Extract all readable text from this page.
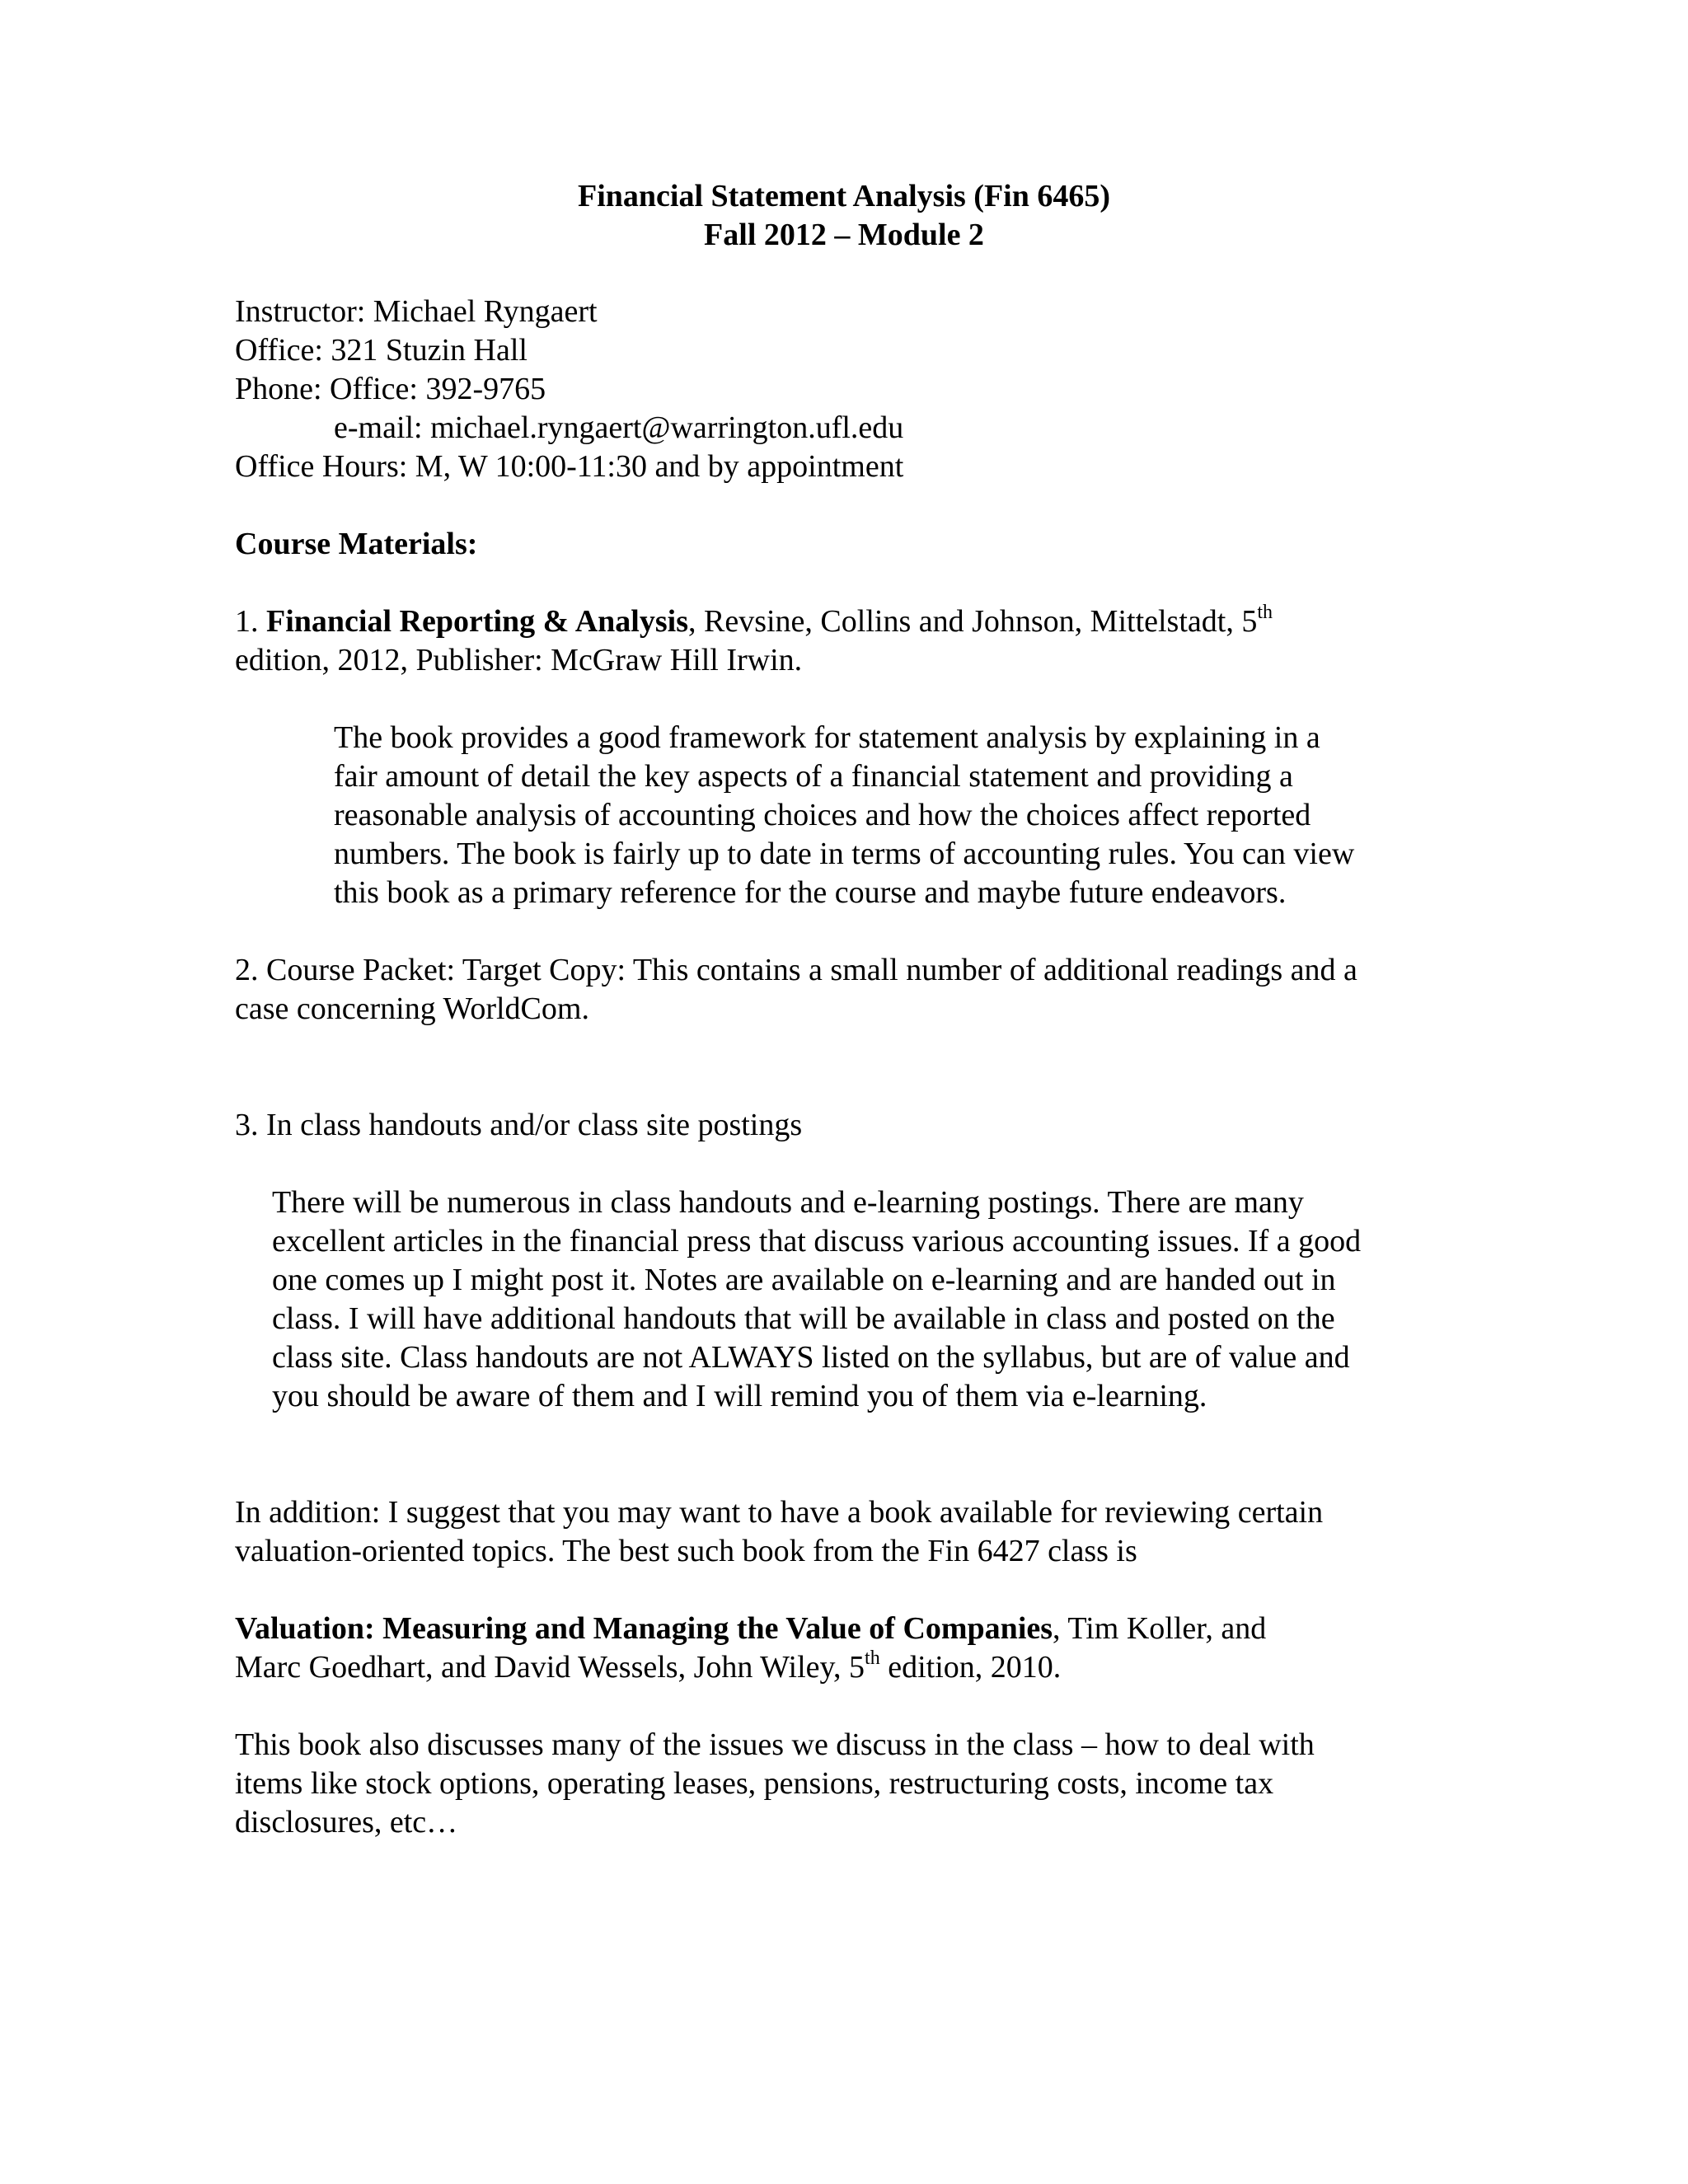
Financial Statement Analysis (Fin 6465)
Fall 2012 – Module 2
Instructor: Michael Ryngaert
Office: 321 Stuzin Hall
Phone: Office: 392-9765
e-mail: michael.ryngaert@warrington.ufl.edu
Office Hours: M, W 10:00-11:30 and by appointment
Course Materials:
1. Financial Reporting & Analysis, Revsine, Collins and Johnson, Mittelstadt, 5th
edition, 2012, Publisher: McGraw Hill Irwin.
The book provides a good framework for statement analysis by explaining in a
fair amount of detail the key aspects of a financial statement and providing a
reasonable analysis of accounting choices and how the choices affect reported
numbers. The book is fairly up to date in terms of accounting rules. You can view
this book as a primary reference for the course and maybe future endeavors.
2. Course Packet: Target Copy: This contains a small number of additional readings and a
case concerning WorldCom.
3. In class handouts and/or class site postings
There will be numerous in class handouts and e-learning postings. There are many
excellent articles in the financial press that discuss various accounting issues. If a good
one comes up I might post it. Notes are available on e-learning and are handed out in
class. I will have additional handouts that will be available in class and posted on the
class site. Class handouts are not ALWAYS listed on the syllabus, but are of value and
you should be aware of them and I will remind you of them via e-learning.
In addition: I suggest that you may want to have a book available for reviewing certain
valuation-oriented topics. The best such book from the Fin 6427 class is
Valuation: Measuring and Managing the Value of Companies, Tim Koller, and
Marc Goedhart, and David Wessels, John Wiley, 5th edition, 2010.
This book also discusses many of the issues we discuss in the class – how to deal with
items like stock options, operating leases, pensions, restructuring costs, income tax
disclosures, etc…
